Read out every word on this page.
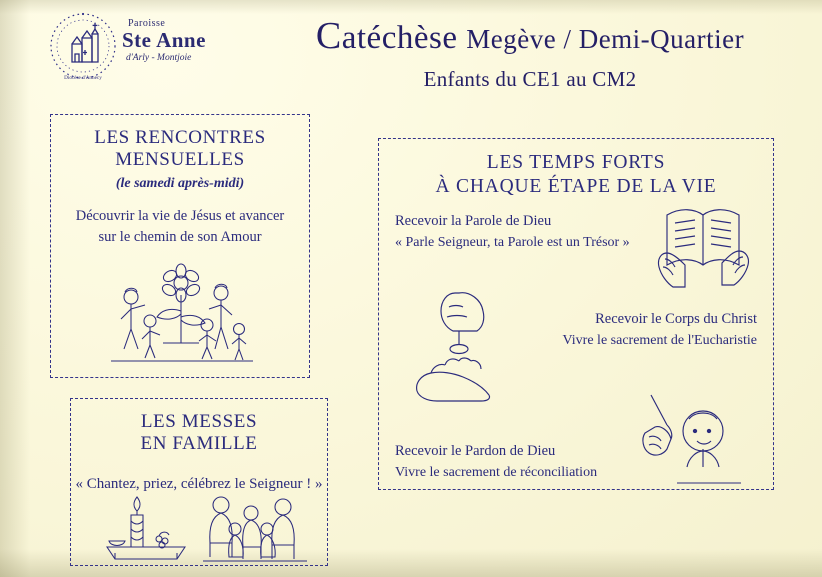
Diocèse d'Annecy
Paroisse
Ste Anne
d'Arly - Montjoie
Catéchèse Megève / Demi-Quartier
Enfants du CE1 au CM2
LES RENCONTRES
MENSUELLES
(le samedi après-midi)
Découvrir la vie de Jésus et avancer
sur le chemin de son Amour
LES MESSES
EN FAMILLE
« Chantez, priez, célébrez le Seigneur ! »
LES TEMPS FORTS
À CHAQUE ÉTAPE DE LA VIE
Recevoir la Parole de Dieu
« Parle Seigneur, ta Parole est un Trésor »
Recevoir le Corps du Christ
Vivre le sacrement de l'Eucharistie
Recevoir le Pardon de Dieu
Vivre le sacrement de réconciliation
